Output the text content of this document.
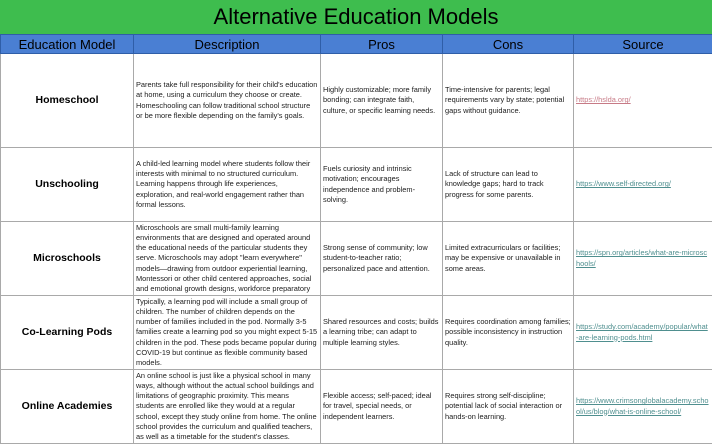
Alternative Education Models
Education Model	Description	Pros	Cons	Source
Homeschool	Parents take full responsibility for their child's education at home, using a curriculum they choose or create. Homeschooling can follow traditional school structure or be more flexible depending on the family's goals.	Highly customizable; more family bonding; can integrate faith, culture, or specific learning needs.	Time-intensive for parents; legal requirements vary by state; potential gaps without guidance.	https://hslda.org/
Unschooling	A child-led learning model where students follow their interests with minimal to no structured curriculum. Learning happens through life experiences, exploration, and real-world engagement rather than formal lessons.	Fuels curiosity and intrinsic motivation; encourages independence and problem-solving.	Lack of structure can lead to knowledge gaps; hard to track progress for some parents.	https://www.self-directed.org/
Microschools	Microschools are small multi-family learning environments that are designed and operated around the educational needs of the particular students they serve. Microschools may adopt "learn everywhere" models—drawing from outdoor experiential learning, Montessori or other child centered approaches, social and emotional growth designs, workforce preparatory	Strong sense of community; low student-to-teacher ratio; personalized pace and attention.	Limited extracurriculars or facilities; may be expensive or unavailable in some areas.	https://spn.org/articles/what-are-microschools/
Co-Learning Pods	Typically, a learning pod will include a small group of children. The number of children depends on the number of families included in the pod. Normally 3-5 families create a learning pod so you might expect 5-15 children in the pod. These pods became popular during COVID-19 but continue as flexible community based models.	Shared resources and costs; builds a learning tribe; can adapt to multiple learning styles.	Requires coordination among families; possible inconsistency in instruction quality.	https://study.com/academy/popular/what-are-learning-pods.html
Online Academies	An online school is just like a physical school in many ways, although without the actual school buildings and limitations of geographic proximity. This means students are enrolled like they would at a regular school, except they study online from home. The online school provides the curriculum and qualified teachers, as well as a timetable for the student's classes.	Flexible access; self-paced; ideal for travel, special needs, or independent learners.	Requires strong self-discipline; potential lack of social interaction or hands-on learning.	https://www.crimsonglobalacademy.school/us/blog/what-is-online-school/
